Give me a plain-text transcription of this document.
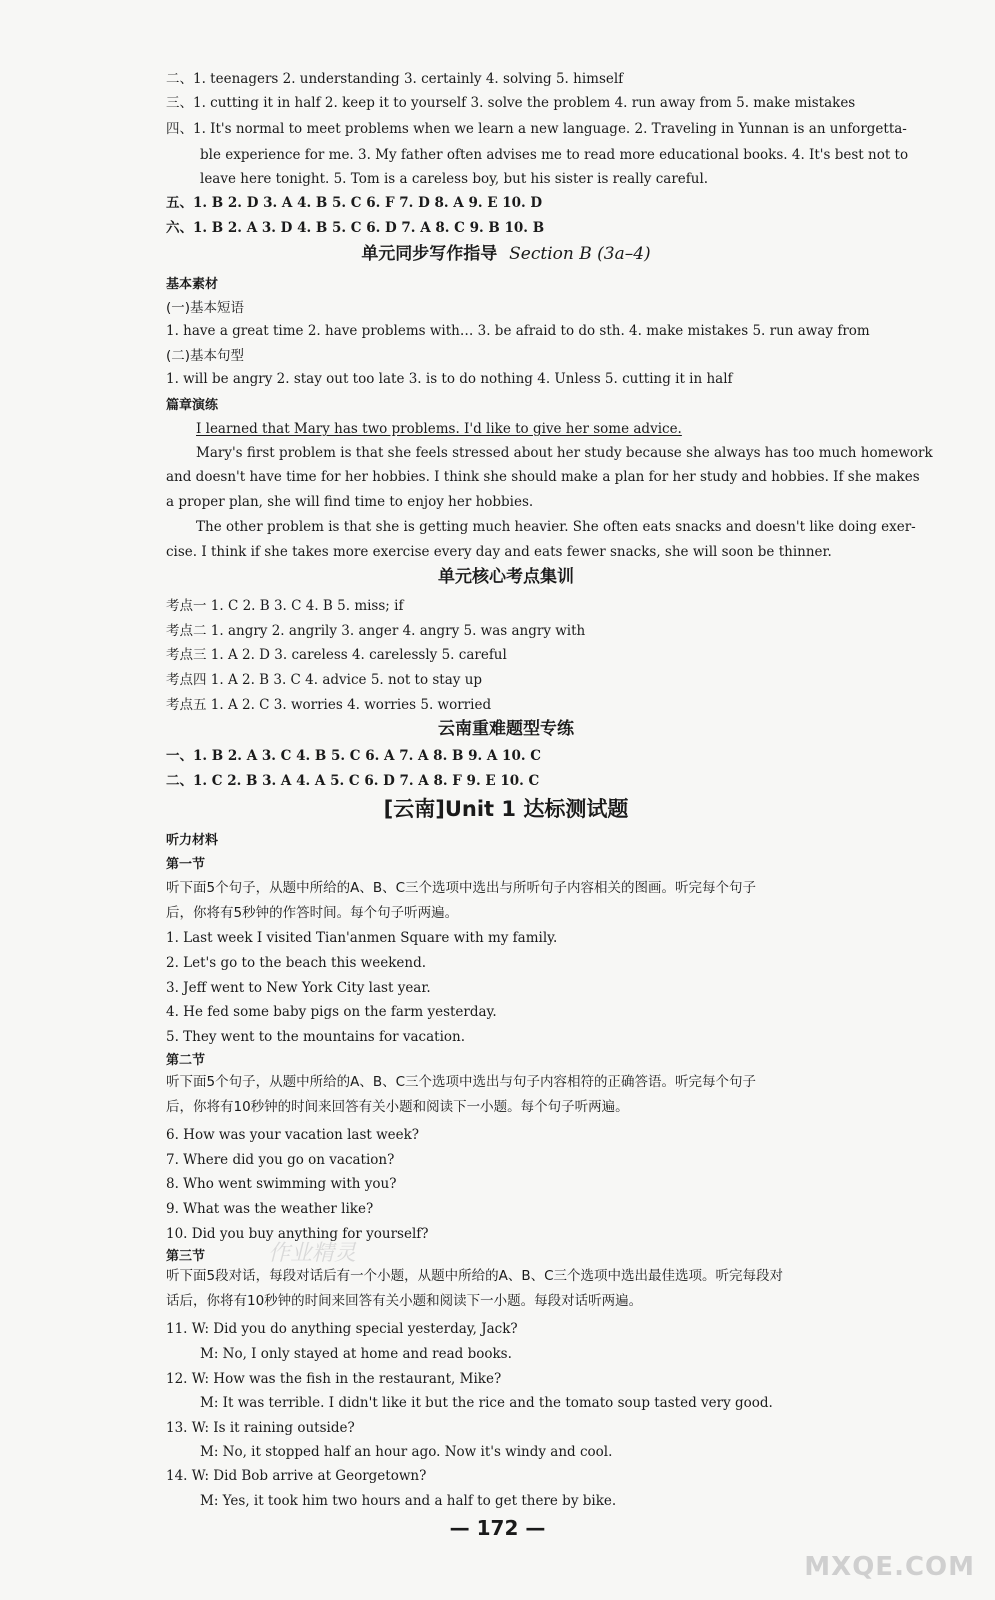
二、1. teenagers 2. understanding 3. certainly 4. solving 5. himself
三、1. cutting it in half 2. keep it to yourself 3. solve the problem 4. run away from 5. make mistakes
四、1. It's normal to meet problems when we learn a new language. 2. Traveling in Yunnan is an unforgetta-
ble experience for me. 3. My father often advises me to read more educational books. 4. It's best not to
leave here tonight. 5. Tom is a careless boy, but his sister is really careful.
五、1. B 2. D 3. A 4. B 5. C 6. F 7. D 8. A 9. E 10. D
六、1. B 2. A 3. D 4. B 5. C 6. D 7. A 8. C 9. B 10. B
单元同步写作指导 Section B (3a–4)
基本素材
(一)基本短语
1. have a great time 2. have problems with… 3. be afraid to do sth. 4. make mistakes 5. run away from
(二)基本句型
1. will be angry 2. stay out too late 3. is to do nothing 4. Unless 5. cutting it in half
篇章演练
I learned that Mary has two problems. I'd like to give her some advice.
Mary's first problem is that she feels stressed about her study because she always has too much homework
and doesn't have time for her hobbies. I think she should make a plan for her study and hobbies. If she makes
a proper plan, she will find time to enjoy her hobbies.
The other problem is that she is getting much heavier. She often eats snacks and doesn't like doing exer-
cise. I think if she takes more exercise every day and eats fewer snacks, she will soon be thinner.
单元核心考点集训
考点一 1. C 2. B 3. C 4. B 5. miss; if
考点二 1. angry 2. angrily 3. anger 4. angry 5. was angry with
考点三 1. A 2. D 3. careless 4. carelessly 5. careful
考点四 1. A 2. B 3. C 4. advice 5. not to stay up
考点五 1. A 2. C 3. worries 4. worries 5. worried
云南重难题型专练
一、1. B 2. A 3. C 4. B 5. C 6. A 7. A 8. B 9. A 10. C
二、1. C 2. B 3. A 4. A 5. C 6. D 7. A 8. F 9. E 10. C
[云南]Unit 1 达标测试题
听力材料
第一节
听下面5个句子，从题中所给的A、B、C三个选项中选出与所听句子内容相关的图画。听完每个句子
后，你将有5秒钟的作答时间。每个句子听两遍。
1. Last week I visited Tian'anmen Square with my family.
2. Let's go to the beach this weekend.
3. Jeff went to New York City last year.
4. He fed some baby pigs on the farm yesterday.
5. They went to the mountains for vacation.
第二节
听下面5个句子，从题中所给的A、B、C三个选项中选出与句子内容相符的正确答语。听完每个句子
后，你将有10秒钟的时间来回答有关小题和阅读下一小题。每个句子听两遍。
6. How was your vacation last week?
7. Where did you go on vacation?
8. Who went swimming with you?
9. What was the weather like?
10. Did you buy anything for yourself?
作业精灵
第三节
听下面5段对话，每段对话后有一个小题，从题中所给的A、B、C三个选项中选出最佳选项。听完每段对
话后，你将有10秒钟的时间来回答有关小题和阅读下一小题。每段对话听两遍。
11. W: Did you do anything special yesterday, Jack?
M: No, I only stayed at home and read books.
12. W: How was the fish in the restaurant, Mike?
M: It was terrible. I didn't like it but the rice and the tomato soup tasted very good.
13. W: Is it raining outside?
M: No, it stopped half an hour ago. Now it's windy and cool.
14. W: Did Bob arrive at Georgetown?
M: Yes, it took him two hours and a half to get there by bike.
— 172 —
MXQE.COM
